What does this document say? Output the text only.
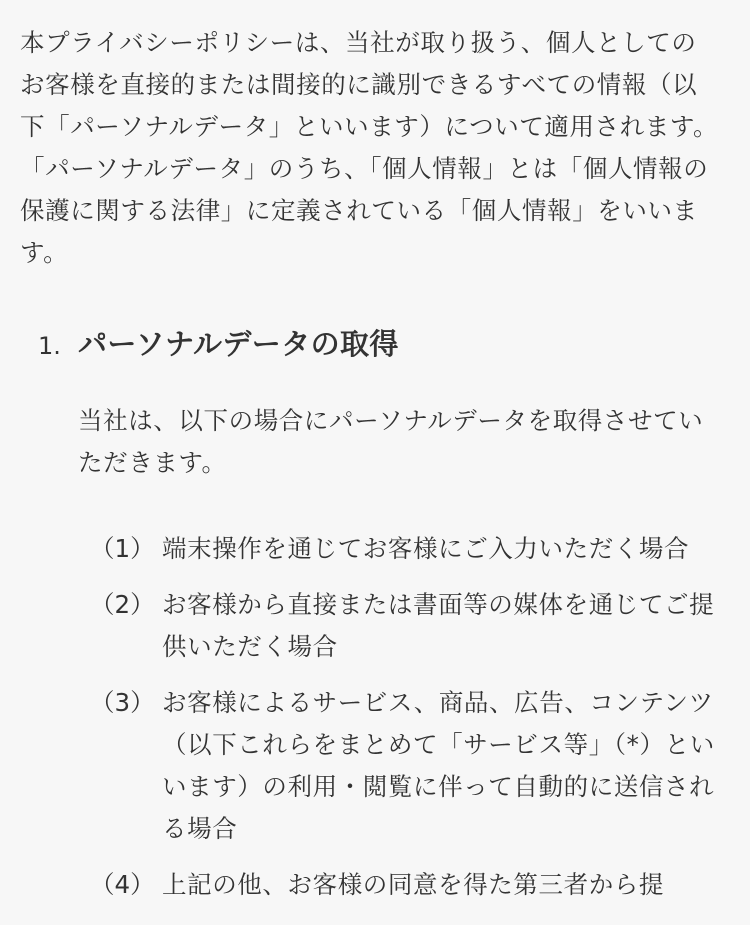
本プライバシーポリシーは、当社が取り扱う、個人としてのお客様を直接的または間接的に識別できるすべての情報（以下「パーソナルデータ」といいます）について適用されます。「パーソナルデータ」のうち、「個人情報」とは「個人情報の保護に関する法律」に定義されている「個人情報」をいいます。

1. パーソナルデータの取得

当社は、以下の場合にパーソナルデータを取得させていただきます。

（1） 端末操作を通じてお客様にご入力いただく場合
（2） お客様から直接または書面等の媒体を通じてご提供いただく場合
（3） お客様によるサービス、商品、広告、コンテンツ（以下これらをまとめて「サービス等」（*）といいます）の利用・閲覧に伴って自動的に送信される場合
（4） 上記の他、お客様の同意を得た第三者から提
